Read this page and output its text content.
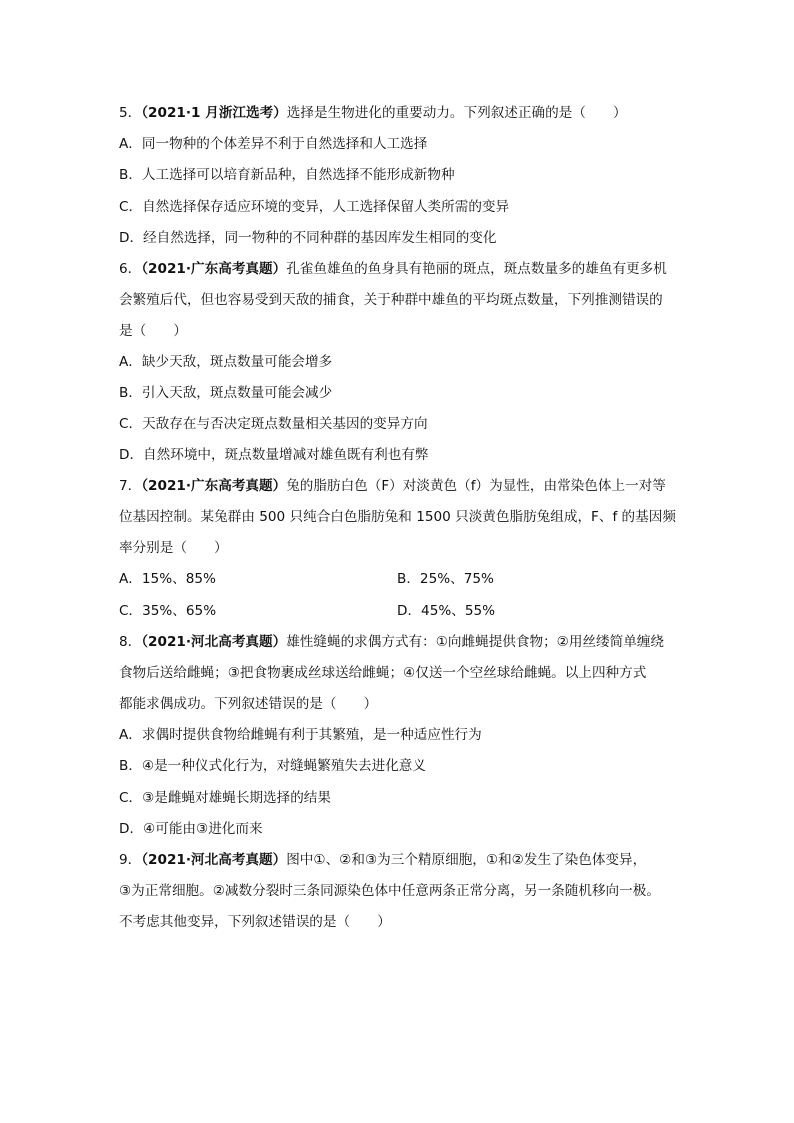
5．（2021·1 月浙江选考）选择是生物进化的重要动力。下列叙述正确的是（　　）
A．同一物种的个体差异不利于自然选择和人工选择
B．人工选择可以培育新品种，自然选择不能形成新物种
C．自然选择保存适应环境的变异，人工选择保留人类所需的变异
D．经自然选择，同一物种的不同种群的基因库发生相同的变化
6．（2021·广东高考真题）孔雀鱼雄鱼的鱼身具有艳丽的斑点，斑点数量多的雄鱼有更多机
会繁殖后代，但也容易受到天敌的捕食，关于种群中雄鱼的平均斑点数量，下列推测错误的
是（　　）
A．缺少天敌，斑点数量可能会增多
B．引入天敌，斑点数量可能会减少
C．天敌存在与否决定斑点数量相关基因的变异方向
D．自然环境中，斑点数量增减对雄鱼既有利也有弊
7．（2021·广东高考真题）兔的脂肪白色（F）对淡黄色（f）为显性，由常染色体上一对等
位基因控制。某兔群由 500 只纯合白色脂肪兔和 1500 只淡黄色脂肪兔组成，F、f 的基因频
率分别是（　　）
A．15%、85%	B．25%、75%
C．35%、65%	D．45%、55%
8．（2021·河北高考真题）雄性缝蝇的求偶方式有：①向雌蝇提供食物；②用丝缕简单缠绕
食物后送给雌蝇；③把食物裹成丝球送给雌蝇；④仅送一个空丝球给雌蝇。以上四种方式
都能求偶成功。下列叙述错误的是（　　）
A．求偶时提供食物给雌蝇有利于其繁殖，是一种适应性行为
B．④是一种仪式化行为，对缝蝇繁殖失去进化意义
C．③是雌蝇对雄蝇长期选择的结果
D．④可能由③进化而来
9．（2021·河北高考真题）图中①、②和③为三个精原细胞，①和②发生了染色体变异，
③为正常细胞。②减数分裂时三条同源染色体中任意两条正常分离，另一条随机移向一极。
不考虑其他变异，下列叙述错误的是（　　）
